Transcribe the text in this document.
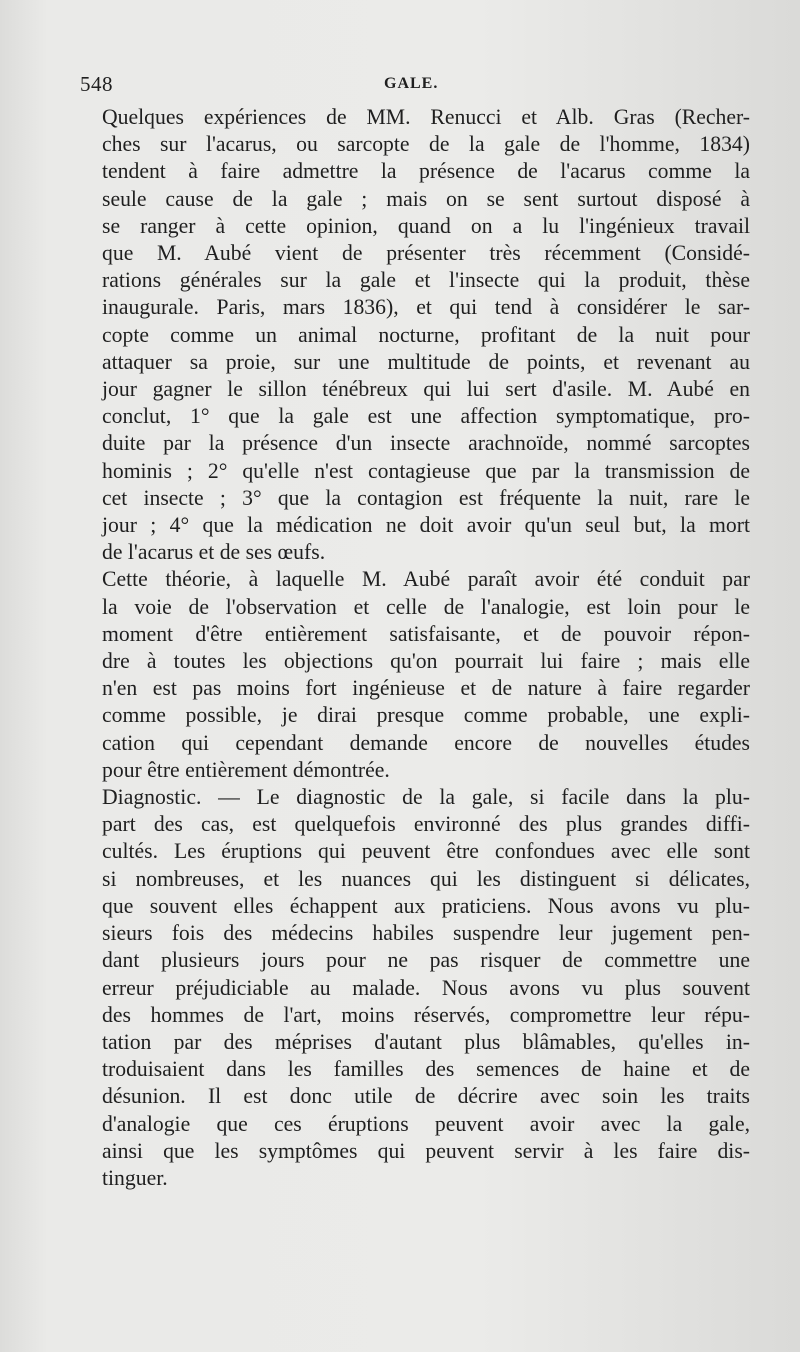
548	GALE.

Quelques expériences de MM. Renucci et Alb. Gras (Recher-
ches sur l'acarus, ou sarcopte de la gale de l'homme, 1834)
tendent à faire admettre la présence de l'acarus comme la
seule cause de la gale ; mais on se sent surtout disposé à
se ranger à cette opinion, quand on a lu l'ingénieux travail
que M. Aubé vient de présenter très récemment (Considé-
rations générales sur la gale et l'insecte qui la produit, thèse
inaugurale. Paris, mars 1836), et qui tend à considérer le sar-
copte comme un animal nocturne, profitant de la nuit pour
attaquer sa proie, sur une multitude de points, et revenant au
jour gagner le sillon ténébreux qui lui sert d'asile. M. Aubé en
conclut, 1° que la gale est une affection symptomatique, pro-
duite par la présence d'un insecte arachnoïde, nommé sarcoptes
hominis ; 2° qu'elle n'est contagieuse que par la transmission de
cet insecte ; 3° que la contagion est fréquente la nuit, rare le
jour ; 4° que la médication ne doit avoir qu'un seul but, la mort
de l'acarus et de ses œufs.

Cette théorie, à laquelle M. Aubé paraît avoir été conduit par
la voie de l'observation et celle de l'analogie, est loin pour le
moment d'être entièrement satisfaisante, et de pouvoir répon-
dre à toutes les objections qu'on pourrait lui faire ; mais elle
n'en est pas moins fort ingénieuse et de nature à faire regarder
comme possible, je dirai presque comme probable, une expli-
cation qui cependant demande encore de nouvelles études
pour être entièrement démontrée.

Diagnostic. — Le diagnostic de la gale, si facile dans la plu-
part des cas, est quelquefois environné des plus grandes diffi-
cultés. Les éruptions qui peuvent être confondues avec elle sont
si nombreuses, et les nuances qui les distinguent si délicates,
que souvent elles échappent aux praticiens. Nous avons vu plu-
sieurs fois des médecins habiles suspendre leur jugement pen-
dant plusieurs jours pour ne pas risquer de commettre une
erreur préjudiciable au malade. Nous avons vu plus souvent
des hommes de l'art, moins réservés, compromettre leur répu-
tation par des méprises d'autant plus blâmables, qu'elles in-
troduisaient dans les familles des semences de haine et de
désunion. Il est donc utile de décrire avec soin les traits
d'analogie que ces éruptions peuvent avoir avec la gale,
ainsi que les symptômes qui peuvent servir à les faire dis-
tinguer.
